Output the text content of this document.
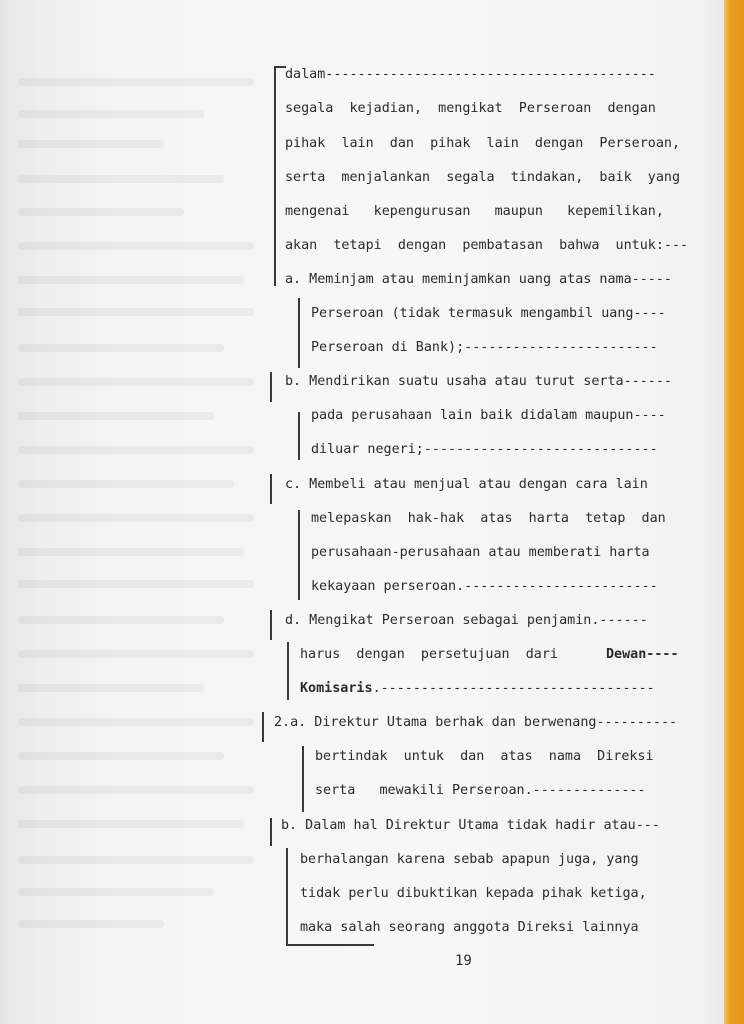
dalam-----------------------------------------
segala  kejadian,  mengikat  Perseroan  dengan
pihak  lain  dan  pihak  lain  dengan  Perseroan,
serta  menjalankan  segala  tindakan,  baik  yang
mengenai   kepengurusan   maupun   kepemilikan,
akan  tetapi  dengan  pembatasan  bahwa  untuk:---
a. Meminjam atau meminjamkan uang atas nama-----
Perseroan (tidak termasuk mengambil uang----
Perseroan di Bank);------------------------
b. Mendirikan suatu usaha atau turut serta------
pada perusahaan lain baik didalam maupun----
diluar negeri;-----------------------------
c. Membeli atau menjual atau dengan cara lain
melepaskan  hak-hak  atas  harta  tetap  dan
perusahaan-perusahaan atau memberati harta
kekayaan perseroan.------------------------
d. Mengikat Perseroan sebagai penjamin.------
harus  dengan  persetujuan  dari	Dewan----
Komisaris.----------------------------------
2.a. Direktur Utama berhak dan berwenang----------
bertindak  untuk  dan  atas  nama  Direksi
serta   mewakili Perseroan.--------------
b. Dalam hal Direktur Utama tidak hadir atau---
berhalangan karena sebab apapun juga, yang
tidak perlu dibuktikan kepada pihak ketiga,
maka salah seorang anggota Direksi lainnya
19
